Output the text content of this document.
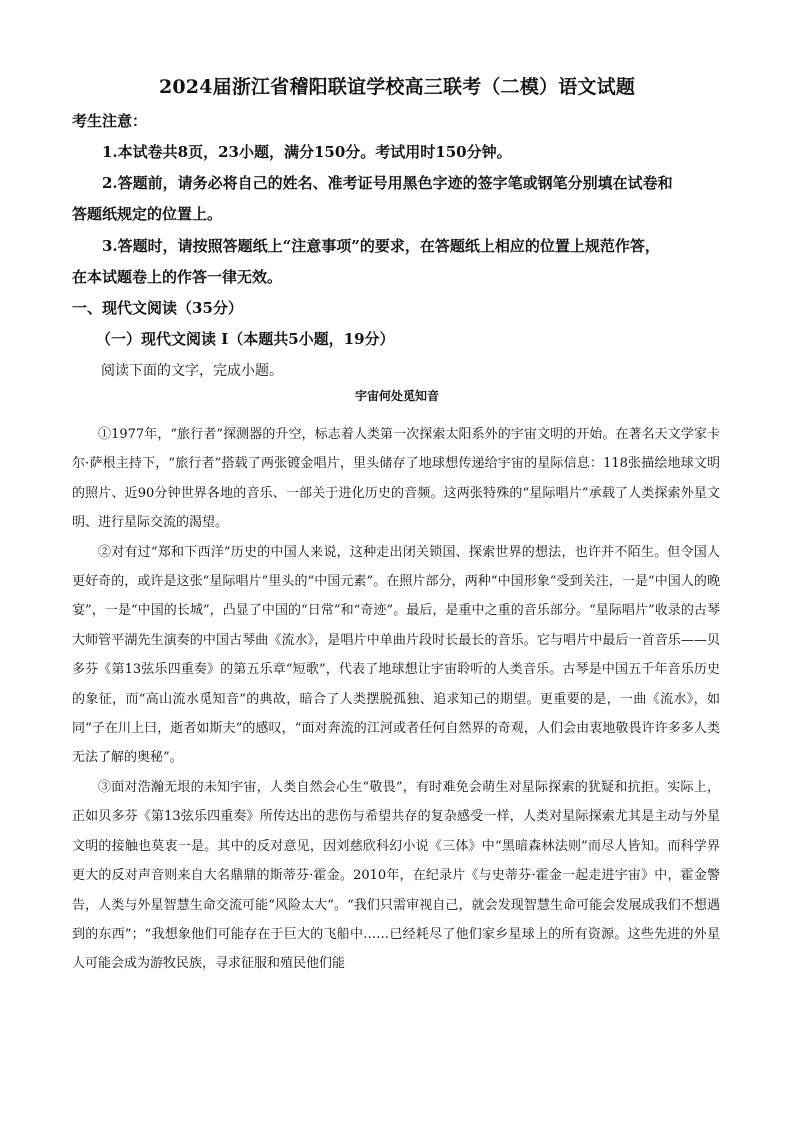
2024届浙江省稽阳联谊学校高三联考（二模）语文试题
考生注意：
1.本试卷共8页，23小题，满分150分。考试用时150分钟。
2.答题前，请务必将自己的姓名、准考证号用黑色字迹的签字笔或钢笔分别填在试卷和
答题纸规定的位置上。
3.答题时，请按照答题纸上“注意事项”的要求，在答题纸上相应的位置上规范作答，
在本试题卷上的作答一律无效。
一、现代文阅读（35分）
（一）现代文阅读 I（本题共5小题，19分）
阅读下面的文字，完成小题。
宇宙何处觅知音

①1977年，“旅行者”探测器的升空，标志着人类第一次探索太阳系外的宇宙文明的开始。在著名天文学家卡尔·萨根主持下，“旅行者”搭载了两张镀金唱片，里头储存了地球想传递给宇宙的星际信息：118张描绘地球文明的照片、近90分钟世界各地的音乐、一部关于进化历史的音频。这两张特殊的“星际唱片”承载了人类探索外星文明、进行星际交流的渴望。

②对有过“郑和下西洋”历史的中国人来说，这种走出闭关锁国、探索世界的想法，也许并不陌生。但令国人更好奇的，或许是这张“星际唱片”里头的“中国元素”。在照片部分，两种“中国形象”受到关注，一是“中国人的晚宴”，一是“中国的长城”，凸显了中国的“日常”和“奇迹”。最后，是重中之重的音乐部分。“星际唱片”收录的古琴大师管平湖先生演奏的中国古琴曲《流水》，是唱片中单曲片段时长最长的音乐。它与唱片中最后一首音乐——贝多芬《第13弦乐四重奏》的第五乐章“短歌”，代表了地球想让宇宙聆听的人类音乐。古琴是中国五千年音乐历史的象征，而“高山流水觅知音”的典故，暗合了人类摆脱孤独、追求知己的期望。更重要的是，一曲《流水》，如同“子在川上曰，逝者如斯夫”的感叹，“面对奔流的江河或者任何自然界的奇观，人们会由衷地敬畏许许多多人类无法了解的奥秘”。

③面对浩瀚无垠的未知宇宙，人类自然会心生“敬畏”，有时难免会萌生对星际探索的犹疑和抗拒。实际上，正如贝多芬《第13弦乐四重奏》所传达出的悲伤与希望共存的复杂感受一样，人类对星际探索尤其是主动与外星文明的接触也莫衷一是。其中的反对意见，因刘慈欣科幻小说《三体》中“黑暗森林法则”而尽人皆知。而科学界更大的反对声音则来自大名鼎鼎的斯蒂芬·霍金。2010年，在纪录片《与史蒂芬·霍金一起走进宇宙》中，霍金警告，人类与外星智慧生命交流可能“风险太大”。“我们只需审视自己，就会发现智慧生命可能会发展成我们不想遇到的东西”；“我想象他们可能存在于巨大的飞船中……已经耗尽了他们家乡星球上的所有资源。这些先进的外星人可能会成为游牧民族，寻求征服和殖民他们能
